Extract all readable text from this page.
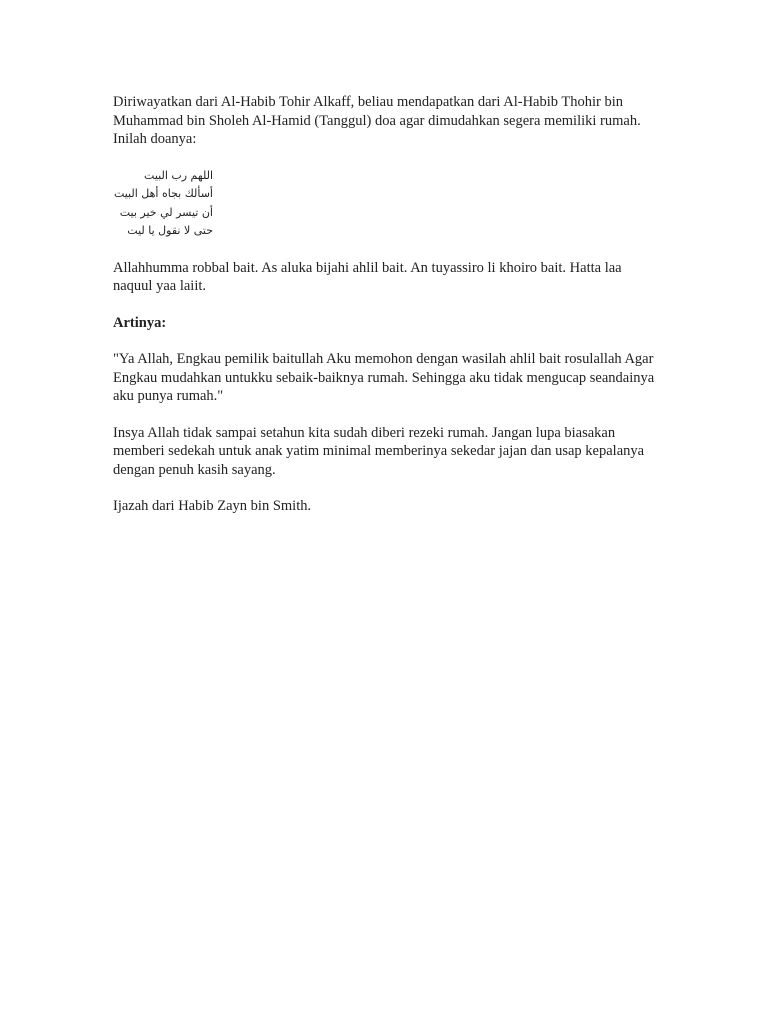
Diriwayatkan dari Al-Habib Tohir Alkaff, beliau mendapatkan dari Al-Habib Thohir bin Muhammad bin Sholeh Al-Hamid (Tanggul) doa agar dimudahkan segera memiliki rumah. Inilah doanya:

اللهم رب البيت
أسألك بجاه أهل البيت
أن تيسر لي خير بيت
حتى لا نقول يا ليت

Allahhumma robbal bait. As aluka bijahi ahlil bait. An tuyassiro li khoiro bait. Hatta laa naquul yaa laiit.

Artinya:

"Ya Allah, Engkau pemilik baitullah Aku memohon dengan wasilah ahlil bait rosulallah Agar Engkau mudahkan untukku sebaik-baiknya rumah. Sehingga aku tidak mengucap seandainya aku punya rumah."

Insya Allah tidak sampai setahun kita sudah diberi rezeki rumah. Jangan lupa biasakan memberi sedekah untuk anak yatim minimal memberinya sekedar jajan dan usap kepalanya dengan penuh kasih sayang.

Ijazah dari Habib Zayn bin Smith.
